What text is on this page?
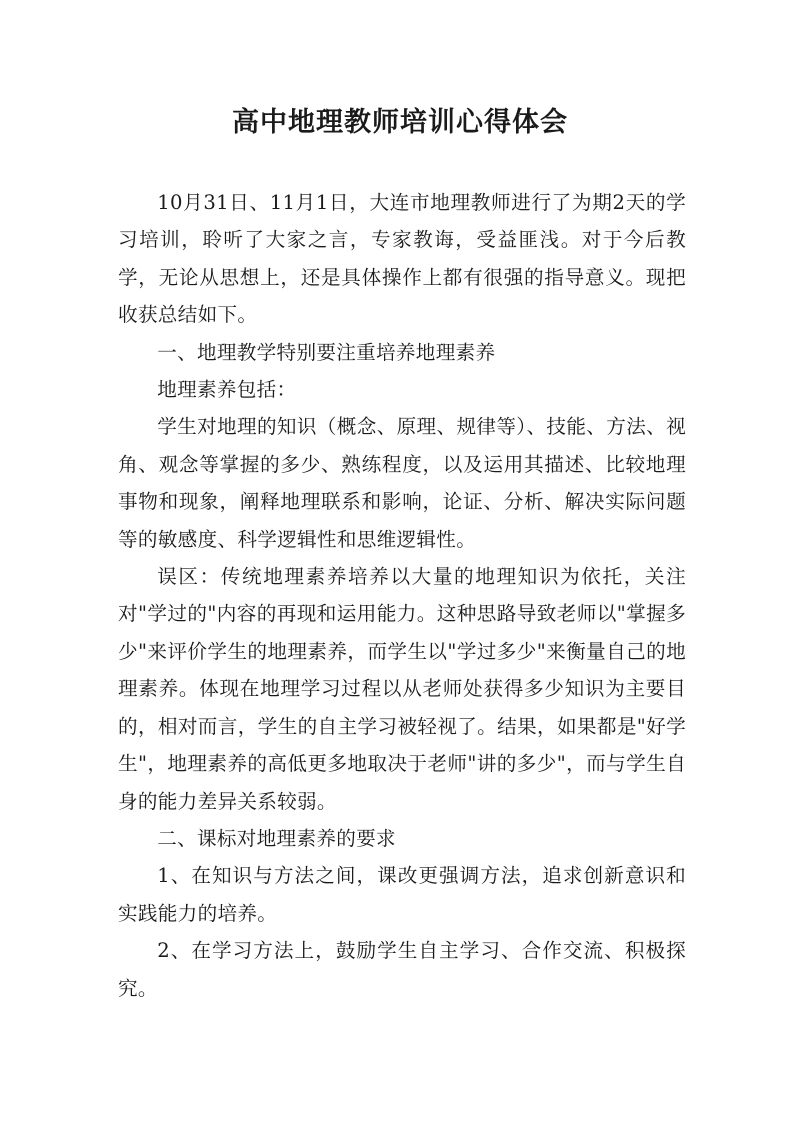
高中地理教师培训心得体会

10月31日、11月1日，大连市地理教师进行了为期2天的学习培训，聆听了大家之言，专家教诲，受益匪浅。对于今后教学，无论从思想上，还是具体操作上都有很强的指导意义。现把收获总结如下。

一、地理教学特别要注重培养地理素养

地理素养包括：

学生对地理的知识（概念、原理、规律等）、技能、方法、视角、观念等掌握的多少、熟练程度，以及运用其描述、比较地理事物和现象，阐释地理联系和影响，论证、分析、解决实际问题等的敏感度、科学逻辑性和思维逻辑性。

误区：传统地理素养培养以大量的地理知识为依托，关注对"学过的"内容的再现和运用能力。这种思路导致老师以"掌握多少"来评价学生的地理素养，而学生以"学过多少"来衡量自己的地理素养。体现在地理学习过程以从老师处获得多少知识为主要目的，相对而言，学生的自主学习被轻视了。结果，如果都是"好学生"，地理素养的高低更多地取决于老师"讲的多少"，而与学生自身的能力差异关系较弱。

二、课标对地理素养的要求

1、在知识与方法之间，课改更强调方法，追求创新意识和实践能力的培养。

2、在学习方法上，鼓励学生自主学习、合作交流、积极探究。
